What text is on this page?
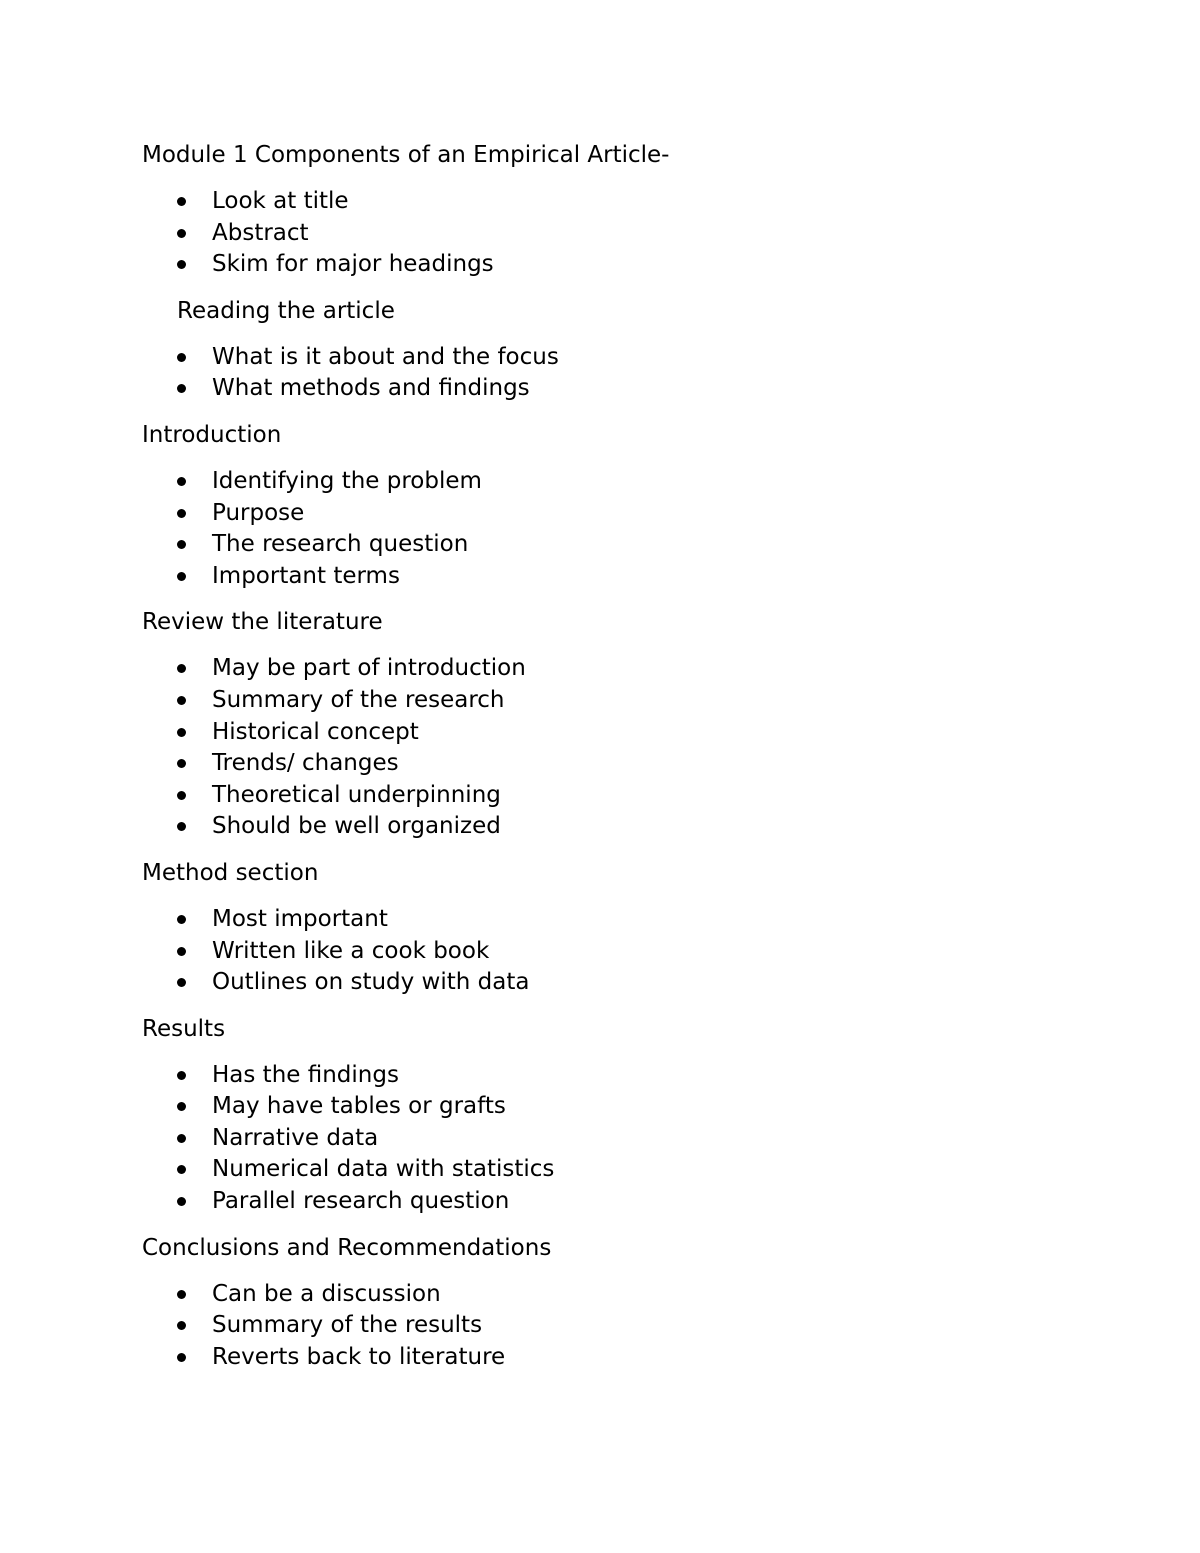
Module 1 Components of an Empirical Article-

Look at title
Abstract
Skim for major headings

Reading the article

What is it about and the focus
What methods and findings

Introduction

Identifying the problem
Purpose
The research question
Important terms

Review the literature

May be part of introduction
Summary of the research
Historical concept
Trends/ changes
Theoretical underpinning
Should be well organized

Method section

Most important
Written like a cook book
Outlines on study with data

Results

Has the findings
May have tables or grafts
Narrative data
Numerical data with statistics
Parallel research question

Conclusions and Recommendations

Can be a discussion
Summary of the results
Reverts back to literature
